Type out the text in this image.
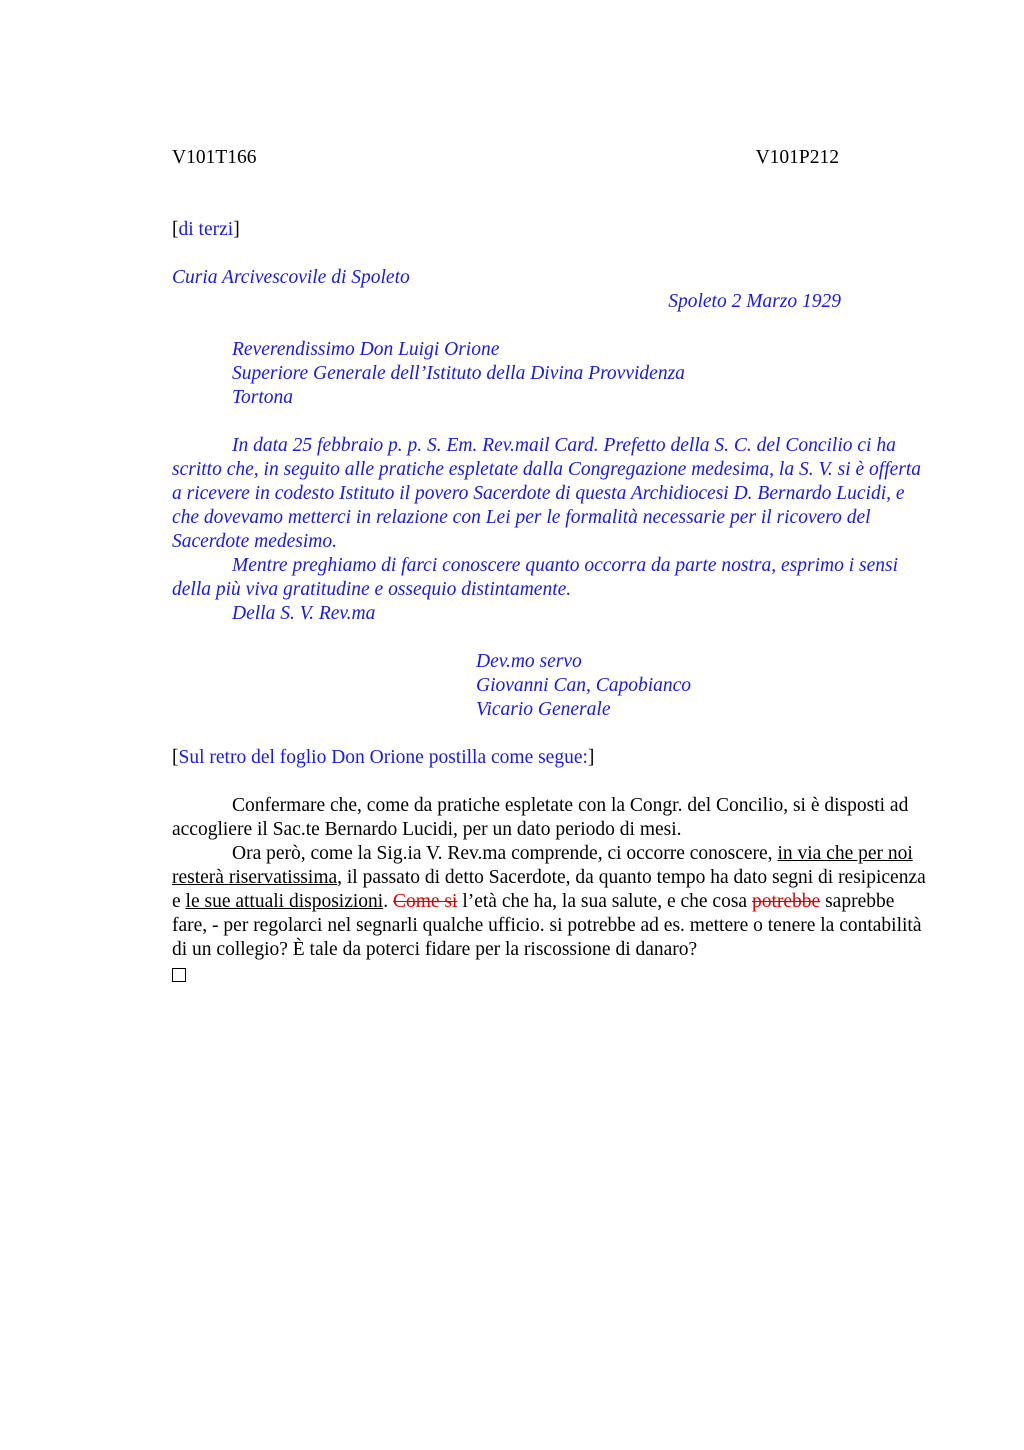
V101T166	V101P212
[di terzi]
Curia Arcivescovile di Spoleto
Spoleto 2 Marzo 1929
Reverendissimo Don Luigi Orione
Superiore Generale dell’Istituto della Divina Provvidenza
Tortona
In data 25 febbraio p. p. S. Em. Rev.mail Card. Prefetto della S. C. del Concilio ci ha scritto che, in seguito alle pratiche espletate dalla Congregazione medesima, la S. V. si è offerta a ricevere in codesto Istituto il povero Sacerdote di questa Archidiocesi D. Bernardo Lucidi, e che dovevamo metterci in relazione con Lei per le formalità necessarie per il ricovero del Sacerdote medesimo.
Mentre preghiamo di farci conoscere quanto occorra da parte nostra, esprimo i sensi della più viva gratitudine e ossequio distintamente.
Della S. V. Rev.ma
Dev.mo servo
Giovanni Can, Capobianco
Vicario Generale
[Sul retro del foglio Don Orione postilla come segue:]
Confermare che, come da pratiche espletate con la Congr. del Concilio, si è disposti ad accogliere il Sac.te Bernardo Lucidi, per un dato periodo di mesi.
Ora però, come la Sig.ia V. Rev.ma comprende, ci occorre conoscere, in via che per noi resterà riservatissima, il passato di detto Sacerdote, da quanto tempo ha dato segni di resipicenza e le sue attuali disposizioni. Come si l’età che ha, la sua salute, e che cosa potrebbe saprebbe fare, - per regolarci nel segnarli qualche ufficio. si potrebbe ad es. mettere o tenere la contabilità di un collegio? È tale da poterci fidare per la riscossione di danaro?
